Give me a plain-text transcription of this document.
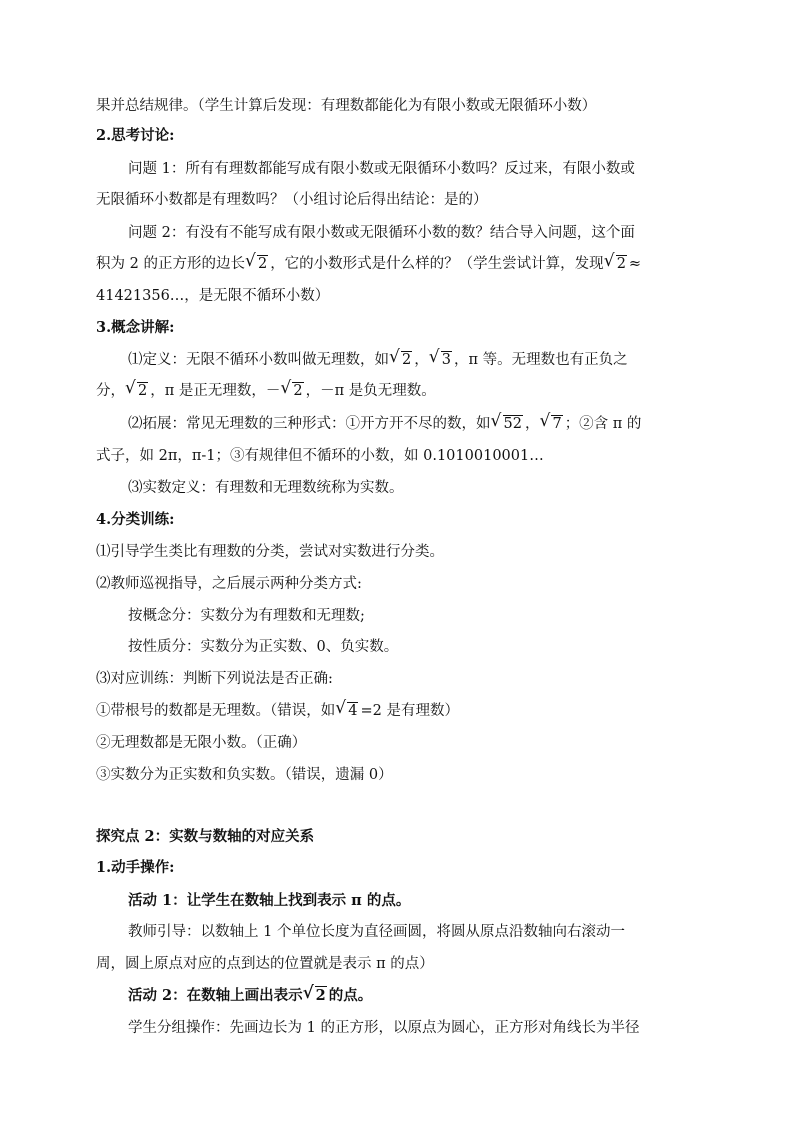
果并总结规律。（学生计算后发现：有理数都能化为有限小数或无限循环小数）
2.思考讨论:
问题 1：所有有理数都能写成有限小数或无限循环小数吗？反过来，有限小数或
无限循环小数都是有理数吗？（小组讨论后得出结论：是的）
问题 2：有没有不能写成有限小数或无限循环小数的数？结合导入问题，这个面
积为 2 的正方形的边长 √ 2 ，它的小数形式是什么样的？（学生尝试计算，发现 √ 2 ≈
41421356…，是无限不循环小数）
3.概念讲解:
⑴定义：无限不循环小数叫做无理数，如 √ 2 ， √ 3 ，π 等。无理数也有正负之
分， √ 2 ，π 是正无理数，－ √ 2 ，－π 是负无理数。
⑵拓展：常见无理数的三种形式：①开方开不尽的数，如 √ 52 ， √ 7 ；②含 π 的
式子，如 2π，π-1；③有规律但不循环的小数，如 0.1010010001…
⑶实数定义：有理数和无理数统称为实数。
4.分类训练:
⑴引导学生类比有理数的分类，尝试对实数进行分类。
⑵教师巡视指导，之后展示两种分类方式:
按概念分：实数分为有理数和无理数;
按性质分：实数分为正实数、0、负实数。
⑶对应训练：判断下列说法是否正确:
①带根号的数都是无理数。（错误，如 √ 4 =2 是有理数）
②无理数都是无限小数。（正确）
③实数分为正实数和负实数。（错误，遗漏 0）
探究点 2：实数与数轴的对应关系
1.动手操作:
活动 1：让学生在数轴上找到表示 π 的点。
教师引导：以数轴上 1 个单位长度为直径画圆，将圆从原点沿数轴向右滚动一
周，圆上原点对应的点到达的位置就是表示 π 的点）
活动 2：在数轴上画出表示 √ 2 的点。
学生分组操作：先画边长为 1 的正方形，以原点为圆心，正方形对角线长为半径
